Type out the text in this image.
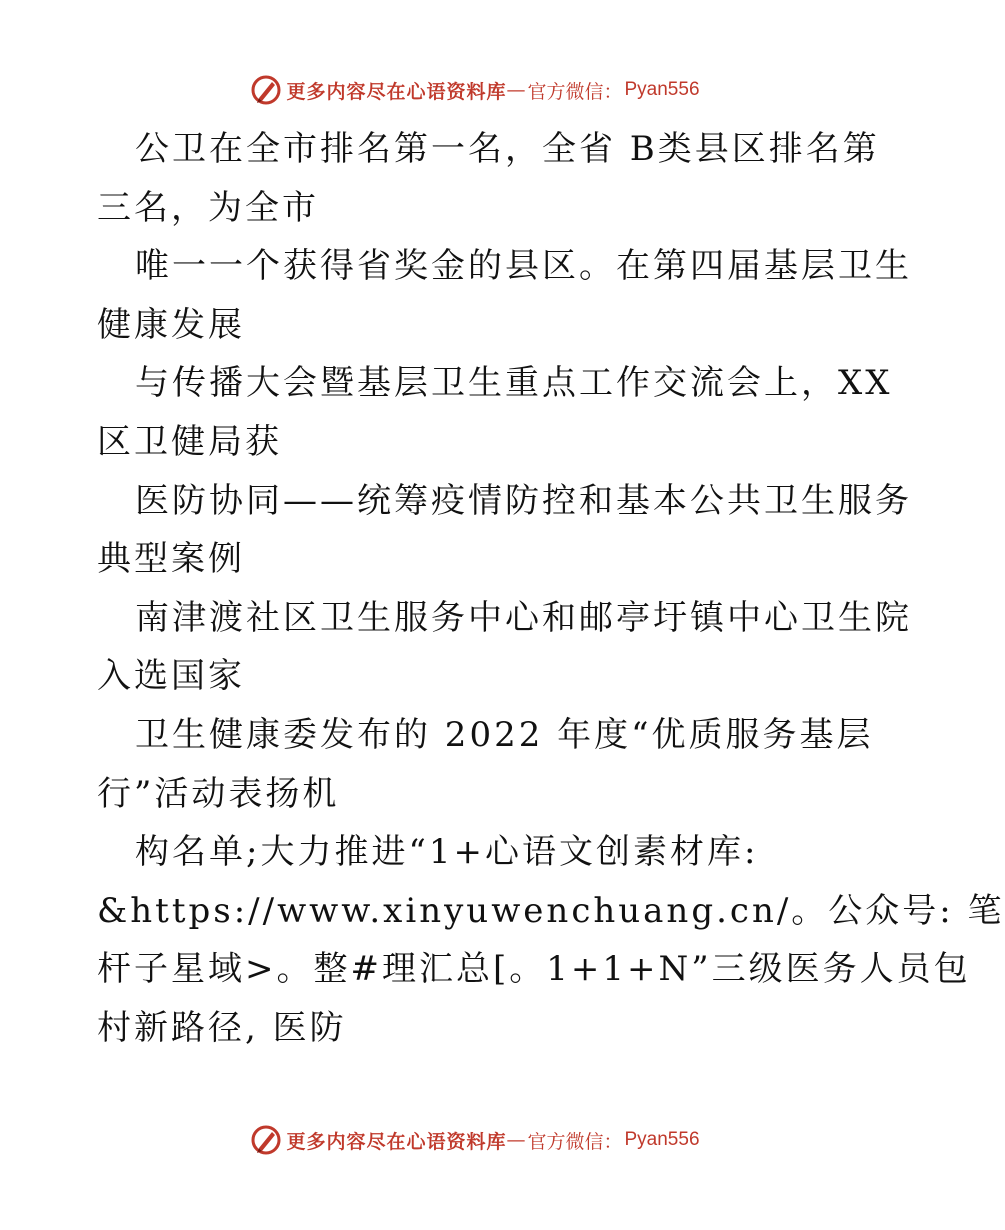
更多内容尽在心语资料库 — 官方微信： Pyan556
公卫在全市排名第一名，全省 B类县区排名第
三名，为全市
唯一一个获得省奖金的县区。在第四届基层卫生
健康发展
与传播大会暨基层卫生重点工作交流会上，XX
区卫健局获
医防协同——统筹疫情防控和基本公共卫生服务
典型案例
南津渡社区卫生服务中心和邮亭圩镇中心卫生院
入选国家
卫生健康委发布的 2022 年度“优质服务基层
行”活动表扬机
构名单;大力推进“1+心语文创素材库:
&https://www.xinyuwenchuang.cn/。公众号: 笔
杆子星域>。整#理汇总[。1+1+N”三级医务人员包
村新路径, 医防
更多内容尽在心语资料库 — 官方微信： Pyan556
